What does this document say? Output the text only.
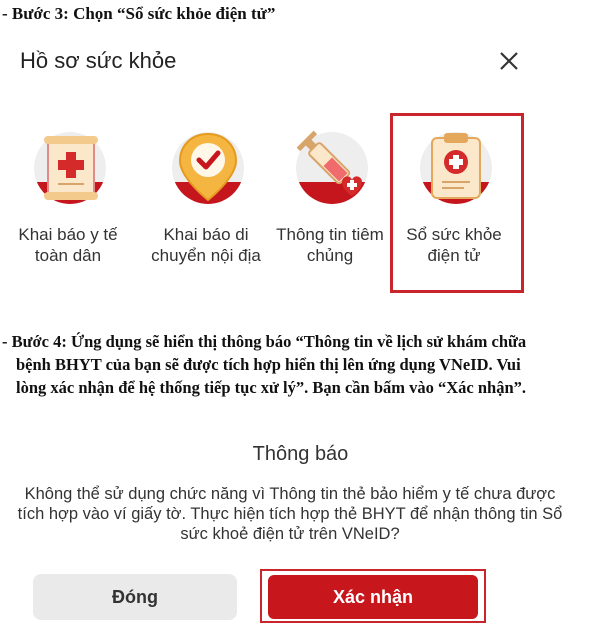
- Bước 3: Chọn “Sổ sức khỏe điện tử”
Hồ sơ sức khỏe
Khai báo y tế toàn dân
Khai báo di chuyển nội địa
Thông tin tiêm chủng
Sổ sức khỏe điện tử
- Bước 4: Ứng dụng sẽ hiển thị thông báo “Thông tin về lịch sử khám chữa
bệnh BHYT của bạn sẽ được tích hợp hiển thị lên ứng dụng VNeID. Vui
lòng xác nhận để hệ thống tiếp tục xử lý”. Bạn cần bấm vào “Xác nhận”.
Thông báo
Không thể sử dụng chức năng vì Thông tin thẻ bảo hiểm y tế chưa được tích hợp vào ví giấy tờ. Thực hiện tích hợp thẻ BHYT để nhận thông tin Sổ sức khoẻ điện tử trên VNeID?
Đóng	Xác nhận
